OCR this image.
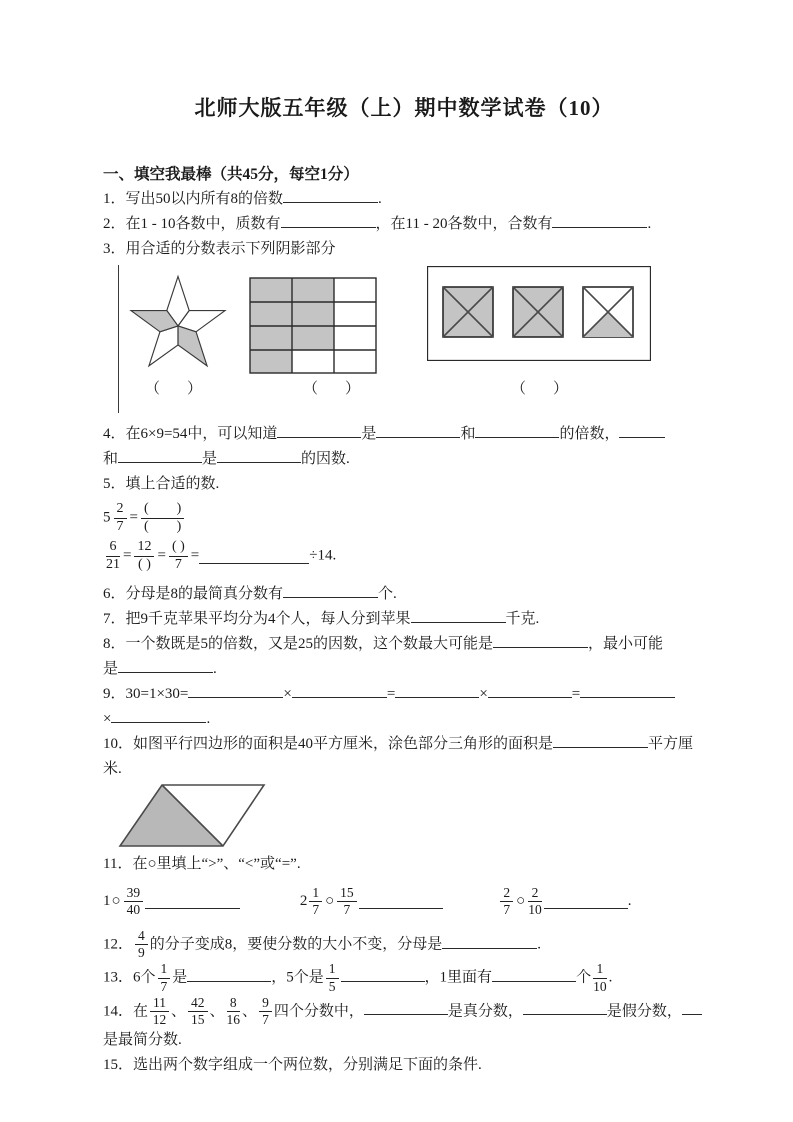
北师大版五年级（上）期中数学试卷（10）
一、填空我最棒（共45分，每空1分）

1．写出50以内所有8的倍数	.

2．在1 - 10各数中，质数有	，在11 - 20各数中，合数有	.

3．用合适的分数表示下列阴影部分

（　）	（　）	（　）

4．在6×9=54中，可以知道	是	和	的倍数，

和	是	的因数.

5．填上合适的数.

$5 \frac{2}{7} = \frac{( )}{( )}$
$\frac{6}{21} = \frac{12}{( )} = \frac{( )}{7}$ =	÷14.

6．分母是8的最简真分数有	个.

7．把9千克苹果平均分为4个人，每人分到苹果	千克.

8．一个数既是5的倍数，又是25的因数，这个数最大可能是	，最小可能

是	.

9．30=1×30=	×	=	×	=

×	.

10．如图平行四边形的面积是40平方厘米，涂色部分三角形的面积是	平方厘

米.

11．在○里填上“>”、“<”或“=”.

1○ $\frac{39}{40}$	$2 \frac{1}{7}$ ○ $\frac{15}{7}$
	$\frac{2}{7}$ ○ $\frac{2}{10}$	.

12． $\frac{4}{9}$ 的分子变成8，要使分数的大小不变，分母是	.

13．6个 $\frac{1}{7}$ 是	，5个是 $\frac{1}{5}$	，1里面有	个 $\frac{1}{10}$ .

14．在 $\frac{11}{12}$ 、 $\frac{42}{15}$ 、 $\frac{8}{16}$ 、 $\frac{9}{7}$ 四个分数中，	是真分数，	是假分数，

是最简分数.

15．选出两个数字组成一个两位数，分别满足下面的条件.
